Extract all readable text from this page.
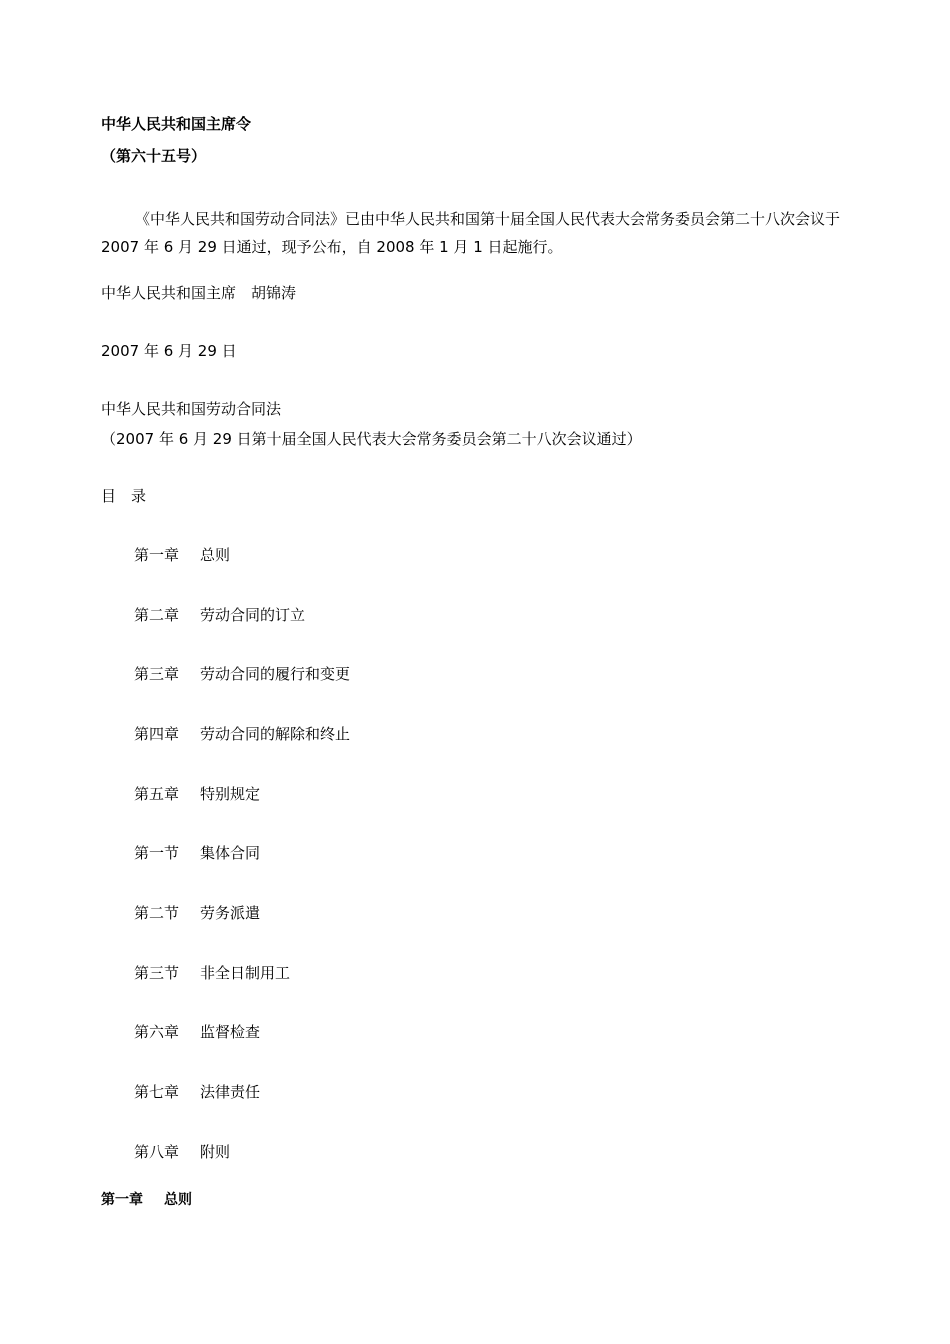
中华人民共和国主席令

（第六十五号）

《中华人民共和国劳动合同法》已由中华人民共和国第十届全国人民代表大会常务委员会第二十八次会议于 2007 年 6 月 29 日通过，现予公布，自 2008 年 1 月 1 日起施行。

中华人民共和国主席　胡锦涛

2007 年 6 月 29 日

中华人民共和国劳动合同法

（2007 年 6 月 29 日第十届全国人民代表大会常务委员会第二十八次会议通过）

目　录

第一章 总则
第二章 劳动合同的订立
第三章 劳动合同的履行和变更
第四章 劳动合同的解除和终止
第五章 特别规定
第一节 集体合同
第二节 劳务派遣
第三节 非全日制用工
第六章 监督检查
第七章 法律责任
第八章 附则

第一章 总则
